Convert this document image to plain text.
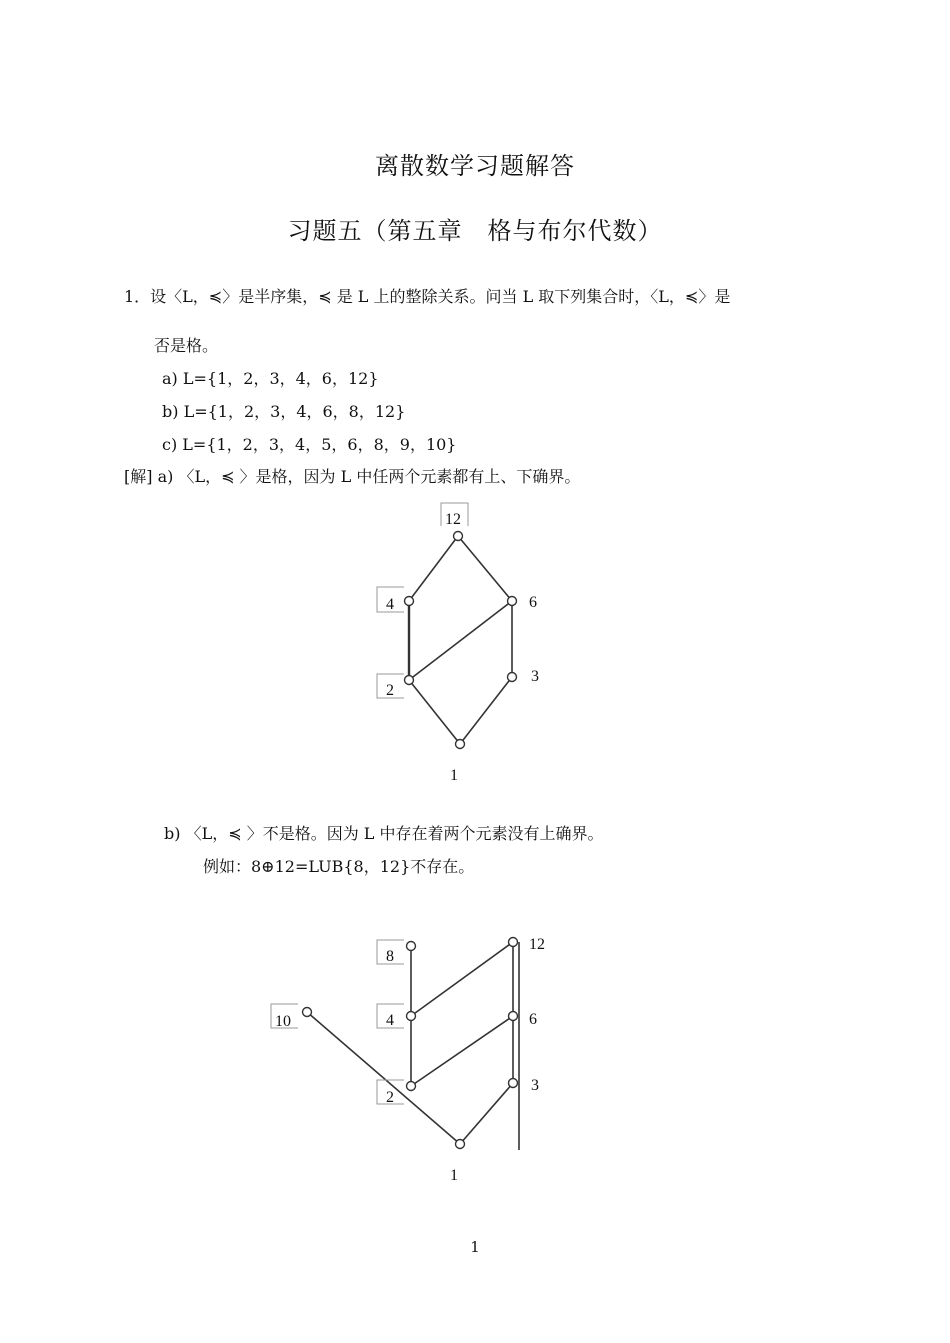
离散数学习题解答
习题五（第五章　格与布尔代数）
1．设〈L，≼〉是半序集，≼ 是 L 上的整除关系。问当 L 取下列集合时，〈L，≼〉是
否是格。
a) L={1，2，3，4，6，12}
b) L={1，2，3，4，6，8，12}
c) L={1，2，3，4，5，6，8，9，10}
[解] a) 〈L，≼ 〉是格，因为 L 中任两个元素都有上、下确界。
12
4	6
2
3
1
b) 〈L，≼ 〉不是格。因为 L 中存在着两个元素没有上确界。
例如：8⊕12=LUB{8，12}不存在。
8
12
10	4	6
2
3
1
1
